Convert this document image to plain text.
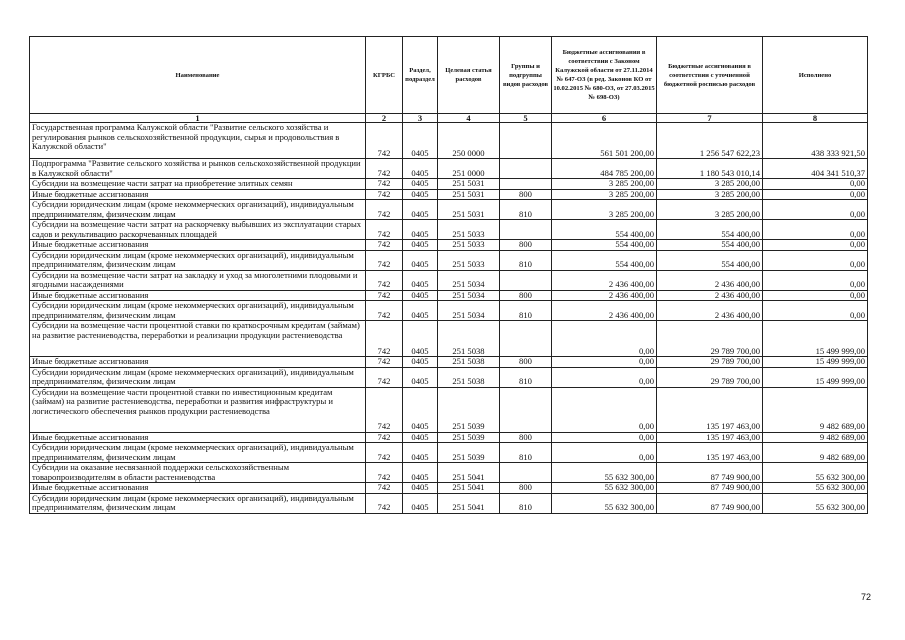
Наименование	КГРБС	Раздел, подраздел	Целевая статья расходов	Группы и подгруппы видов расходов	Бюджетные ассигнования в соответствии с Законом Калужской области от 27.11.2014 № 647-ОЗ (в ред. Законов КО от 10.02.2015 № 680-ОЗ, от 27.03.2015 № 698-ОЗ)	Бюджетные ассигнования в соответствии с уточненной бюджетной росписью расходов	Исполнено
1	2	3	4	5	6	7	8
Государственная программа Калужской области "Развитие сельского хозяйства и регулирования рынков сельскохозяйственной продукции, сырья и продовольствия в Калужской области"	742	0405	250 0000		561 501 200,00	1 256 547 622,23	438 333 921,50
Подпрограмма "Развитие сельского хозяйства и рынков сельскохозяйственной продукции в Калужской области"	742	0405	251 0000		484 785 200,00	1 180 543 010,14	404 341 510,37
Субсидии на возмещение части затрат на приобретение элитных семян	742	0405	251 5031		3 285 200,00	3 285 200,00	0,00
Иные бюджетные ассигнования	742	0405	251 5031	800	3 285 200,00	3 285 200,00	0,00
Субсидии юридическим лицам (кроме некоммерческих организаций), индивидуальным предпринимателям, физическим лицам	742	0405	251 5031	810	3 285 200,00	3 285 200,00	0,00
Субсидии на возмещение части затрат на раскорчевку выбывших из эксплуатации старых садов и рекультивацию раскорчеванных площадей	742	0405	251 5033		554 400,00	554 400,00	0,00
Иные бюджетные ассигнования	742	0405	251 5033	800	554 400,00	554 400,00	0,00
Субсидии юридическим лицам (кроме некоммерческих организаций), индивидуальным предпринимателям, физическим лицам	742	0405	251 5033	810	554 400,00	554 400,00	0,00
Субсидии на возмещение части затрат на закладку и уход за многолетними плодовыми и ягодными насаждениями	742	0405	251 5034		2 436 400,00	2 436 400,00	0,00
Иные бюджетные ассигнования	742	0405	251 5034	800	2 436 400,00	2 436 400,00	0,00
Субсидии юридическим лицам (кроме некоммерческих организаций), индивидуальным предпринимателям, физическим лицам	742	0405	251 5034	810	2 436 400,00	2 436 400,00	0,00
Субсидии на возмещение части процентной ставки по краткосрочным кредитам (займам) на развитие растениеводства, переработки и реализации продукции растениеводства	742	0405	251 5038		0,00	29 789 700,00	15 499 999,00
Иные бюджетные ассигнования	742	0405	251 5038	800	0,00	29 789 700,00	15 499 999,00
Субсидии юридическим лицам (кроме некоммерческих организаций), индивидуальным предпринимателям, физическим лицам	742	0405	251 5038	810	0,00	29 789 700,00	15 499 999,00
Субсидии на возмещение части процентной ставки по инвестиционным кредитам (займам) на развитие растениеводства, переработки и развития инфраструктуры и логистического обеспечения рынков продукции растениеводства	742	0405	251 5039		0,00	135 197 463,00	9 482 689,00
Иные бюджетные ассигнования	742	0405	251 5039	800	0,00	135 197 463,00	9 482 689,00
Субсидии юридическим лицам (кроме некоммерческих организаций), индивидуальным предпринимателям, физическим лицам	742	0405	251 5039	810	0,00	135 197 463,00	9 482 689,00
Субсидии на оказание несвязанной поддержки сельскохозяйственным товаропроизводителям в области растениеводства	742	0405	251 5041		55 632 300,00	87 749 900,00	55 632 300,00
Иные бюджетные ассигнования	742	0405	251 5041	800	55 632 300,00	87 749 900,00	55 632 300,00
Субсидии юридическим лицам (кроме некоммерческих организаций), индивидуальным предпринимателям, физическим лицам	742	0405	251 5041	810	55 632 300,00	87 749 900,00	55 632 300,00
72
